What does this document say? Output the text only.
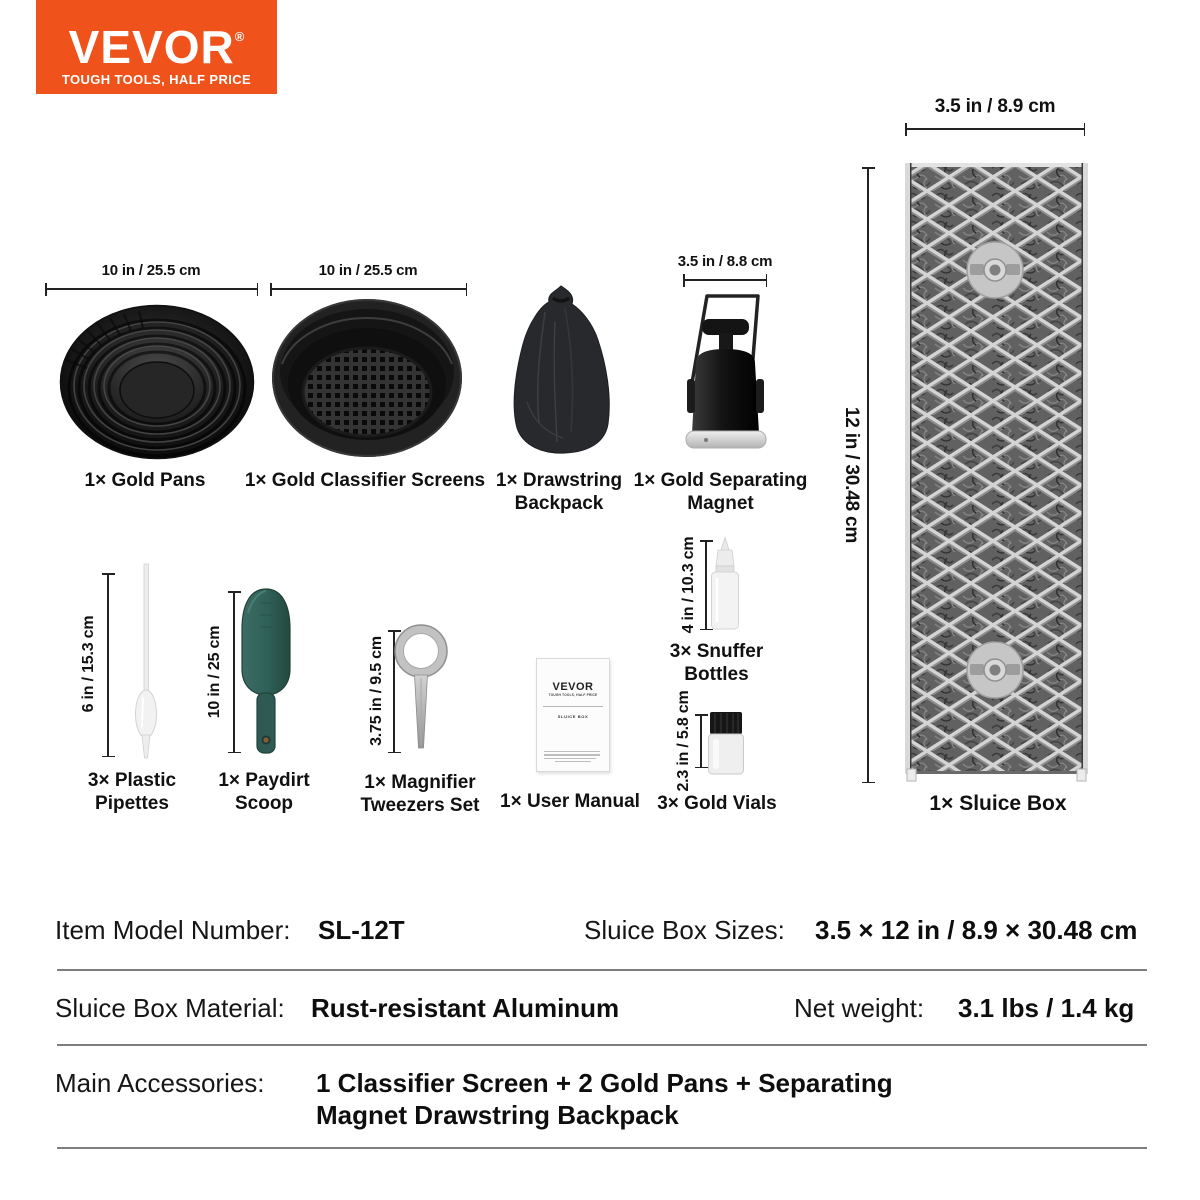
VEVOR®
TOUGH TOOLS, HALF PRICE
10 in / 25.5 cm	10 in / 25.5 cm
3.5 in / 8.8 cm
3.5 in / 8.9 cm
12 in / 30.48 cm
1× Gold Pans 1× Gold Classifier Screens 1× Drawstring Backpack
1× Gold Separating Magnet
1× Sluice Box
6 in / 15.3 cm	10 in / 25 cm	3.75 in / 9.5 cm
4 in / 10.3 cm
2.3 in / 5.8 cm
VEVOR
TOUGH TOOLS, HALF PRICE
SLUICE BOX
3× Plastic Pipettes
1× Paydirt Scoop
1× Magnifier Tweezers Set	1× User Manual
3× Snuffer Bottles
3× Gold Vials
Item Model Number: SL-12T	Sluice Box Sizes: 3.5 × 12 in / 8.9 × 30.48 cm
Sluice Box Material: Rust-resistant Aluminum	Net weight: 3.1 lbs / 1.4 kg
Main Accessories: 1 Classifier Screen + 2 Gold Pans + Separating Magnet Drawstring Backpack
